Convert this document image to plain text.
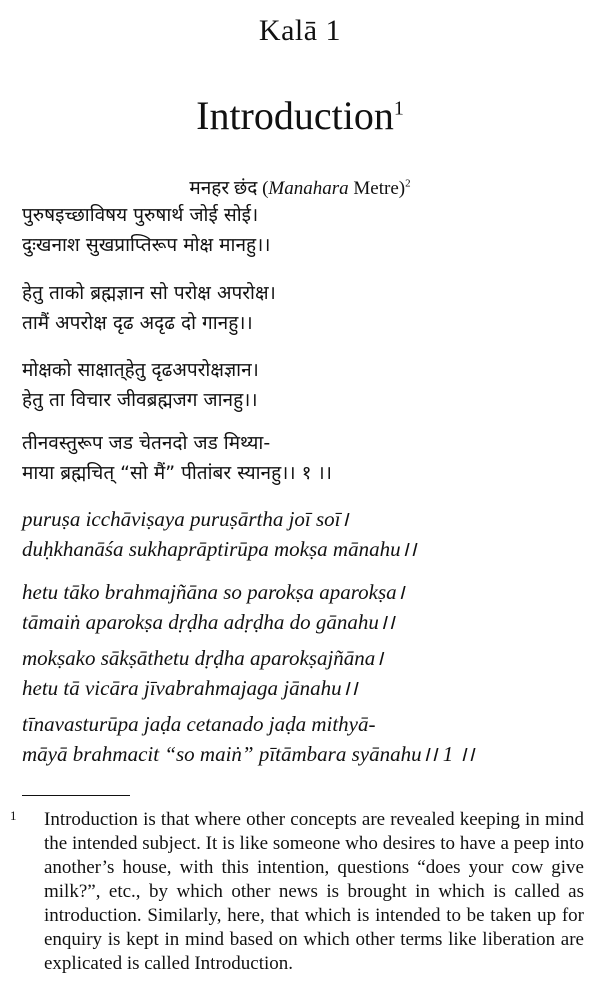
Kalā 1
Introduction$^1$
मनहर छंद (Manahara Metre)$^2$
पुरुषइच्छाविषय पुरुषार्थ जोई सोई।
दुःखनाश सुखप्राप्तिरूप मोक्ष मानहु।।
हेतु ताको ब्रह्मज्ञान सो परोक्ष अपरोक्ष।
तामैं अपरोक्ष दृढ अदृढ दो गानहु।।
मोक्षको साक्षात्‌हेतु दृढअपरोक्षज्ञान।
हेतु ता विचार जीवब्रह्मजग जानहु।।
तीनवस्तुरूप जड चेतनदो जड मिथ्या-
माया ब्रह्मचित् “सो मैं” पीतांबर स्यानहु।। १ ।।
puruṣa icchāviṣaya puruṣārtha joī soī।
duḥkhanāśa sukhaprāptirūpa mokṣa mānahu।।
hetu tāko brahmajñāna so parokṣa aparokṣa।
tāmaiṅ aparokṣa dṛḍha adṛḍha do gānahu।।
mokṣako sākṣāthetu dṛḍha aparokṣajñāna।
hetu tā vicāra jīvabrahmajaga jānahu।।
tīnavasturūpa jaḍa cetanado jaḍa mithyā-
māyā brahmacit “so maiṅ” pītāmbara syānahu।। 1 ।।
1 Introduction is that where other concepts are revealed keeping in mind the intended subject. It is like someone who desires to have a peep into another’s house, with this intention, questions “does your cow give milk?”, etc., by which other news is brought in which is called as introduction. Similarly, here, that which is intended to be taken up for enquiry is kept in mind based on which other terms like liberation are explicated is called Introduction.
